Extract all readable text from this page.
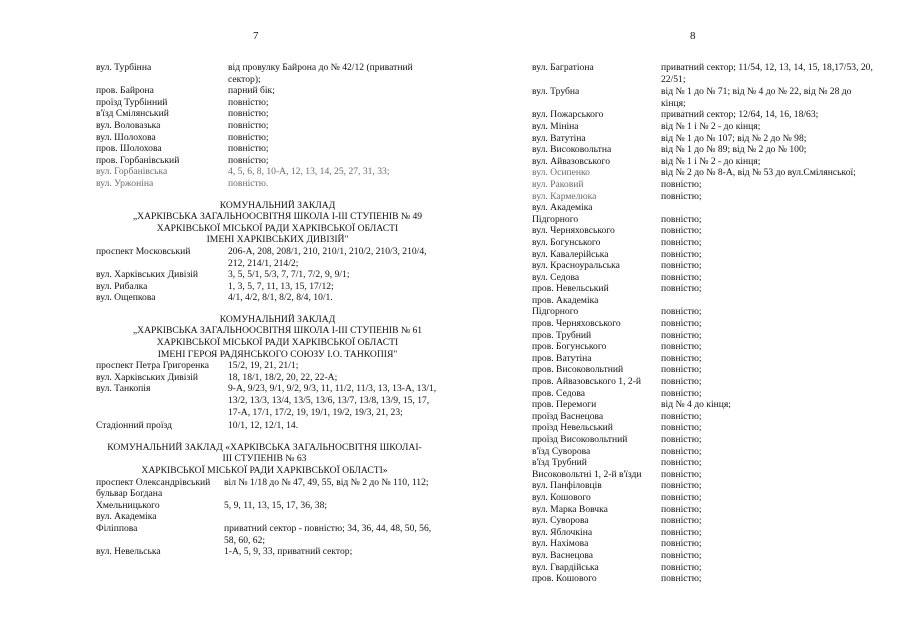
7	8
вул. Турбінна	від провулку Байрона до № 42/12 (приватний сектор);
пров. Байрона	парний бік;
проїзд Турбінний	повністю;
в'їзд Смілянський	повністю;
вул. Воловазька	повністю;
вул. Шолохова	повністю;
пров. Шолохова	повністю;
пров. Горбанівський	повністю;
вул. Горбанівська	4, 5, 6, 8, 10-А, 12, 13, 14, 25, 27, 31, 33;
вул. Уржоніна	повністю.
КОМУНАЛЬНИЙ ЗАКЛАД
„ХАРКІВСЬКА ЗАГАЛЬНООСВІТНЯ ШКОЛА І-ІІІ СТУПЕНІВ № 49
ХАРКІВСЬКОЇ МІСЬКОЇ РАДИ ХАРКІВСЬКОЇ ОБЛАСТІ
ІМЕНІ ХАРКІВСЬКИХ ДИВІЗІЙ"
проспект Московський	206-А, 208, 208/1, 210, 210/1, 210/2, 210/3, 210/4, 212, 214/1, 214/2;
вул. Харківських Дивізій	3, 5, 5/1, 5/3, 7, 7/1, 7/2, 9, 9/1;
вул. Рибалка	1, 3, 5, 7, 11, 13, 15, 17/12;
вул. Ощепкова	4/1, 4/2, 8/1, 8/2, 8/4, 10/1.
КОМУНАЛЬНИЙ ЗАКЛАД
„ХАРКІВСЬКА ЗАГАЛЬНООСВІТНЯ ШКОЛА І-ІІІ СТУПЕНІВ № 61
ХАРКІВСЬКОЇ МІСЬКОЇ РАДИ ХАРКІВСЬКОЇ ОБЛАСТІ
ІМЕНІ ГЕРОЯ РАДЯНСЬКОГО СОЮЗУ І.О. ТАНКОПІЯ"
проспект Петра Григоренка	15/2, 19, 21, 21/1;
вул. Харківських Дивізій	18, 18/1, 18/2, 20, 22, 22-А;
вул. Танкопія	9-А, 9/23, 9/1, 9/2, 9/3, 11, 11/2, 11/3, 13, 13-А, 13/1, 13/2, 13/3, 13/4, 13/5, 13/6, 13/7, 13/8, 13/9, 15, 17, 17-А, 17/1, 17/2, 19, 19/1, 19/2, 19/3, 21, 23;
Стадіонний проїзд	10/1, 12, 12/1, 14.
КОМУНАЛЬНИЙ ЗАКЛАД «ХАРКІВСЬКА ЗАГАЛЬНОСВІТНЯ ШКОЛАІ-
ІІІ СТУПЕНІВ № 63
ХАРКІВСЬКОЇ МІСЬКОЇ РАДИ ХАРКІВСЬКОЇ ОБЛАСТІ»
проспект Олександрівський	віл № 1/18 до № 47, 49, 55, від № 2 до № 110, 112;
бульвар Богдана
Хмельницького	5, 9, 11, 13, 15, 17, 36, 38;
вул. Академіка
Філіппова	приватний сектор - повністю; 34, 36, 44, 48, 50, 56, 58, 60, 62;
вул. Невельська	1-А, 5, 9, 33, приватний сектор;
вул. Багратіона	приватний сектор; 11/54, 12, 13, 14, 15, 18,17/53, 20, 22/51;
вул. Трубна	від № 1 до № 71; від № 4 до № 22, від № 28 до кінця;
вул. Пожарського	приватний сектор; 12/64, 14, 16, 18/63;
вул. Мініна	від № 1 і № 2 - до кінця;
вул. Ватутіна	від № 1 до № 107; від № 2 до № 98;
вул. Високовольтна	від № 1 до № 89; від № 2 до № 100;
вул. Айвазовського	від № 1 і № 2 - до кінця;
вул. Осипенко	від № 2 до № 8-А, від № 53 до вул.Смілянської;
вул. Раковий	повністю;
вул. Кармелюка	повністю;
вул. Академіка
Підгорного	повністю;
вул. Черняховського	повністю;
вул. Богунського	повністю;
вул. Кавалерійська	повністю;
вул. Красноуральська	повністю;
вул. Седова	повністю;
пров. Невельський	повністю;
пров. Академіка
Підгорного	повністю;
пров. Черняховського	повністю;
пров. Трубний	повністю;
пров. Богунського	повністю;
пров. Ватутіна	повністю;
пров. Високовольтний	повністю;
пров. Айвазовського 1, 2-й	повністю;
пров. Седова	повністю;
пров. Перемоги	від № 4 до кінця;
проїзд Васнецова	повністю;
проїзд Невельський	повністю;
проїзд Високовольтний	повністю;
в'їзд Суворова	повністю;
в'їзд Трубний	повністю;
Високовольтні 1, 2-й в'їзди	повністю;
вул. Панфіловців	повністю;
вул. Кошового	повністю;
вул. Марка Вовчка	повністю;
вул. Суворова	повністю;
вул. Яблочкіна	повністю;
вул. Нахімова	повністю;
вул. Васнецова	повністю;
вул. Гвардійська	повністю;
пров. Кошового	повністю;
